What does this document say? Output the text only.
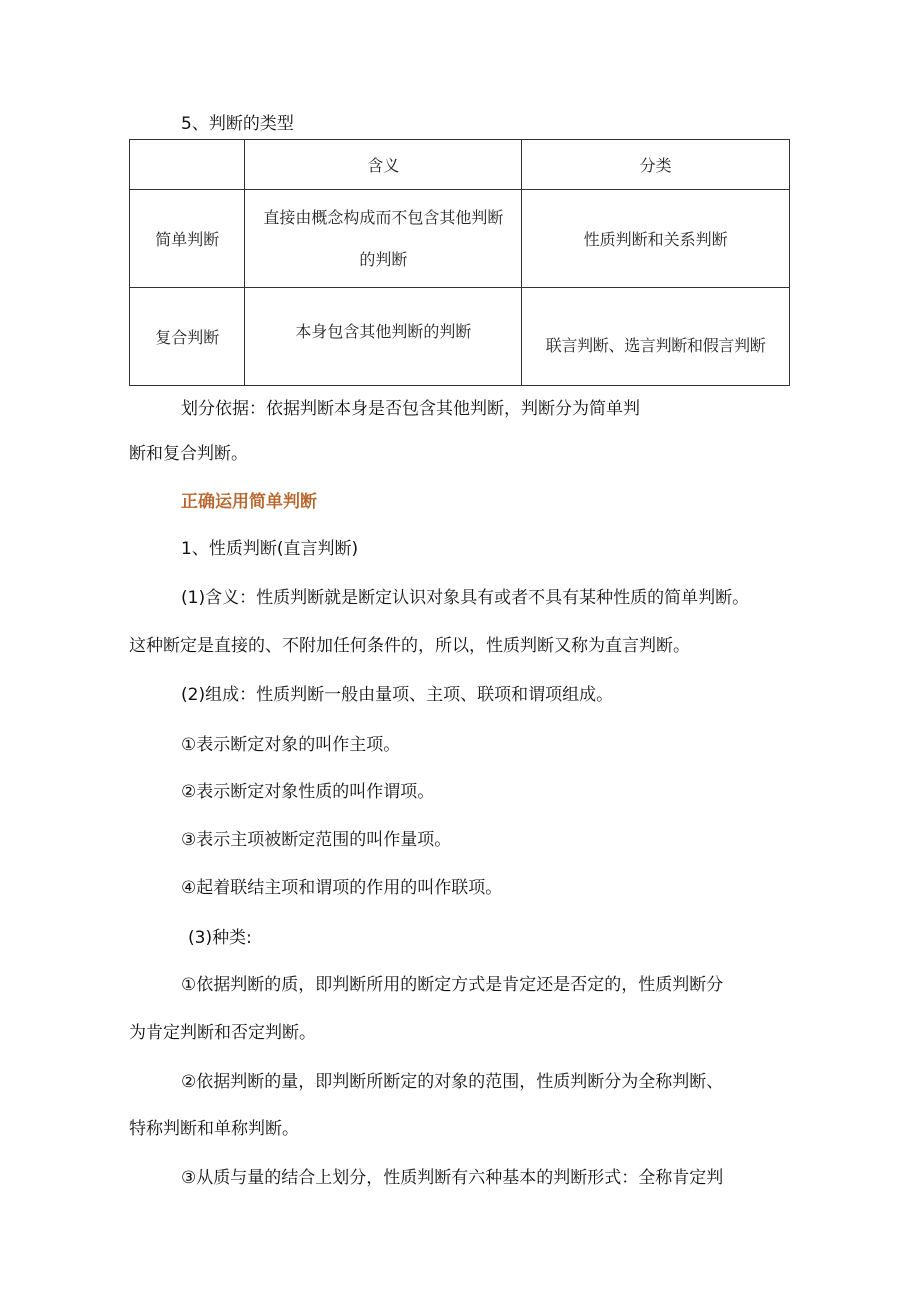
5、判断的类型
	含义	分类
简单判断	直接由概念构成而不包含其他判断的判断	性质判断和关系判断
复合判断	本身包含其他判断的判断	联言判断、选言判断和假言判断
划分依据：依据判断本身是否包含其他判断，判断分为简单判
断和复合判断。
正确运用简单判断
1、性质判断(直言判断)
(1)含义：性质判断就是断定认识对象具有或者不具有某种性质的简单判断。
这种断定是直接的、不附加任何条件的，所以，性质判断又称为直言判断。
(2)组成：性质判断一般由量项、主项、联项和谓项组成。
①表示断定对象的叫作主项。
②表示断定对象性质的叫作谓项。
③表示主项被断定范围的叫作量项。
④起着联结主项和谓项的作用的叫作联项。
(3)种类:
①依据判断的质，即判断所用的断定方式是肯定还是否定的，性质判断分
为肯定判断和否定判断。
②依据判断的量，即判断所断定的对象的范围，性质判断分为全称判断、
特称判断和单称判断。
③从质与量的结合上划分，性质判断有六种基本的判断形式：全称肯定判
